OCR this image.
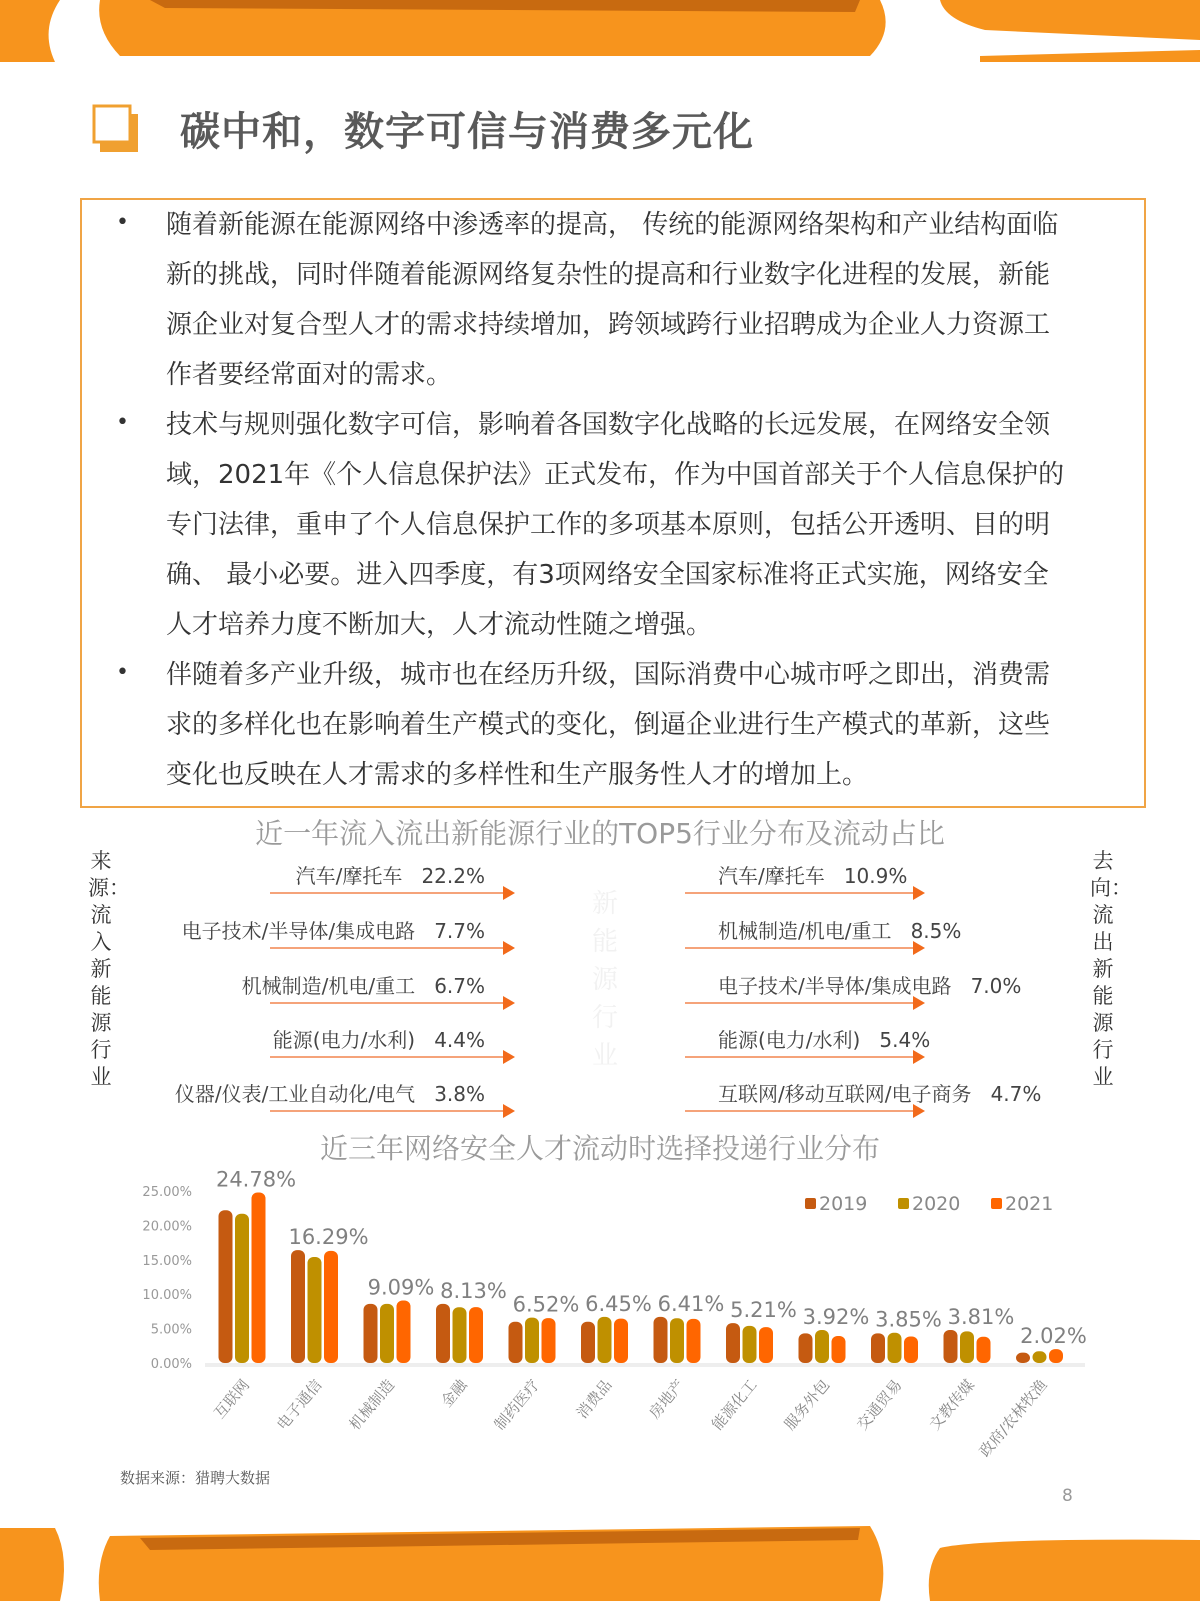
碳中和，数字可信与消费多元化
• 随着新能源在能源网络中渗透率的提高， 传统的能源网络架构和产业结构面临新的挑战，同时伴随着能源网络复杂性的提高和行业数字化进程的发展，新能源企业对复合型人才的需求持续增加，跨领域跨行业招聘成为企业人力资源工作者要经常面对的需求。
• 技术与规则强化数字可信，影响着各国数字化战略的长远发展，在网络安全领域，2021年《个人信息保护法》正式发布，作为中国首部关于个人信息保护的专门法律，重申了个人信息保护工作的多项基本原则，包括公开透明、目的明确、 最小必要。进入四季度，有3项网络安全国家标准将正式实施，网络安全人才培养力度不断加大，人才流动性随之增强。
• 伴随着多产业升级，城市也在经历升级，国际消费中心城市呼之即出，消费需求的多样化也在影响着生产模式的变化，倒逼企业进行生产模式的革新，这些变化也反映在人才需求的多样性和生产服务性人才的增加上。
近一年流入流出新能源行业的TOP5行业分布及流动占比
来源：流入新能源行业
去向：流出新能源行业
新能源行业
汽车/摩托车 22.2%	汽车/摩托车 10.9%
电子技术/半导体/集成电路 7.7%	机械制造/机电/重工 8.5%
机械制造/机电/重工 6.7%	电子技术/半导体/集成电路 7.0%
能源(电力/水利) 4.4%	能源(电力/水利) 5.4%
仪器/仪表/工业自动化/电气 3.8%	互联网/移动互联网/电子商务 4.7%
近三年网络安全人才流动时选择投递行业分布
0.00%
5.00%
10.00%
15.00%
20.00%
25.00%
24.78%
互联网
16.29%
电子通信
9.09%
机械制造
8.13%
金融
6.52%
制药医疗
6.45%
消费品
6.41%
房地产
5.21%
能源化工
3.92%
服务外包
3.85%
交通贸易
3.81%
文教传媒
2.02%
政府/农林牧渔
2019 2020 2021
数据来源：猎聘大数据
8
